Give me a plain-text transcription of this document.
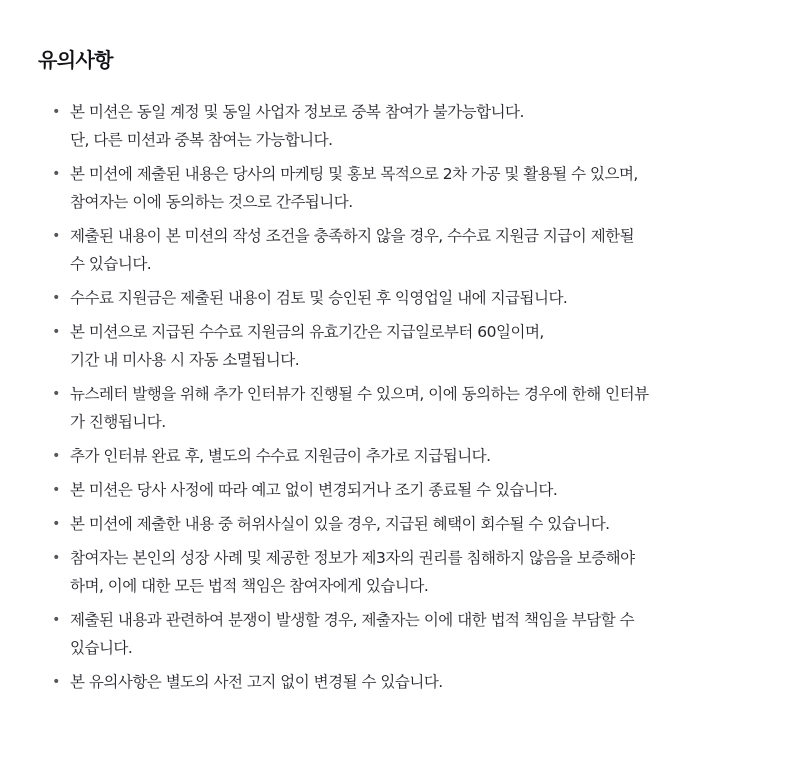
유의사항
• 본 미션은 동일 계정 및 동일 사업자 정보로 중복 참여가 불가능합니다.
단, 다른 미션과 중복 참여는 가능합니다.
• 본 미션에 제출된 내용은 당사의 마케팅 및 홍보 목적으로 2차 가공 및 활용될 수 있으며,
참여자는 이에 동의하는 것으로 간주됩니다.
• 제출된 내용이 본 미션의 작성 조건을 충족하지 않을 경우, 수수료 지원금 지급이 제한될
수 있습니다.
• 수수료 지원금은 제출된 내용이 검토 및 승인된 후 익영업일 내에 지급됩니다.
• 본 미션으로 지급된 수수료 지원금의 유효기간은 지급일로부터 60일이며,
기간 내 미사용 시 자동 소멸됩니다.
• 뉴스레터 발행을 위해 추가 인터뷰가 진행될 수 있으며, 이에 동의하는 경우에 한해 인터뷰
가 진행됩니다.
• 추가 인터뷰 완료 후, 별도의 수수료 지원금이 추가로 지급됩니다.
• 본 미션은 당사 사정에 따라 예고 없이 변경되거나 조기 종료될 수 있습니다.
• 본 미션에 제출한 내용 중 허위사실이 있을 경우, 지급된 혜택이 회수될 수 있습니다.
• 참여자는 본인의 성장 사례 및 제공한 정보가 제3자의 권리를 침해하지 않음을 보증해야
하며, 이에 대한 모든 법적 책임은 참여자에게 있습니다.
• 제출된 내용과 관련하여 분쟁이 발생할 경우, 제출자는 이에 대한 법적 책임을 부담할 수
있습니다.
• 본 유의사항은 별도의 사전 고지 없이 변경될 수 있습니다.
